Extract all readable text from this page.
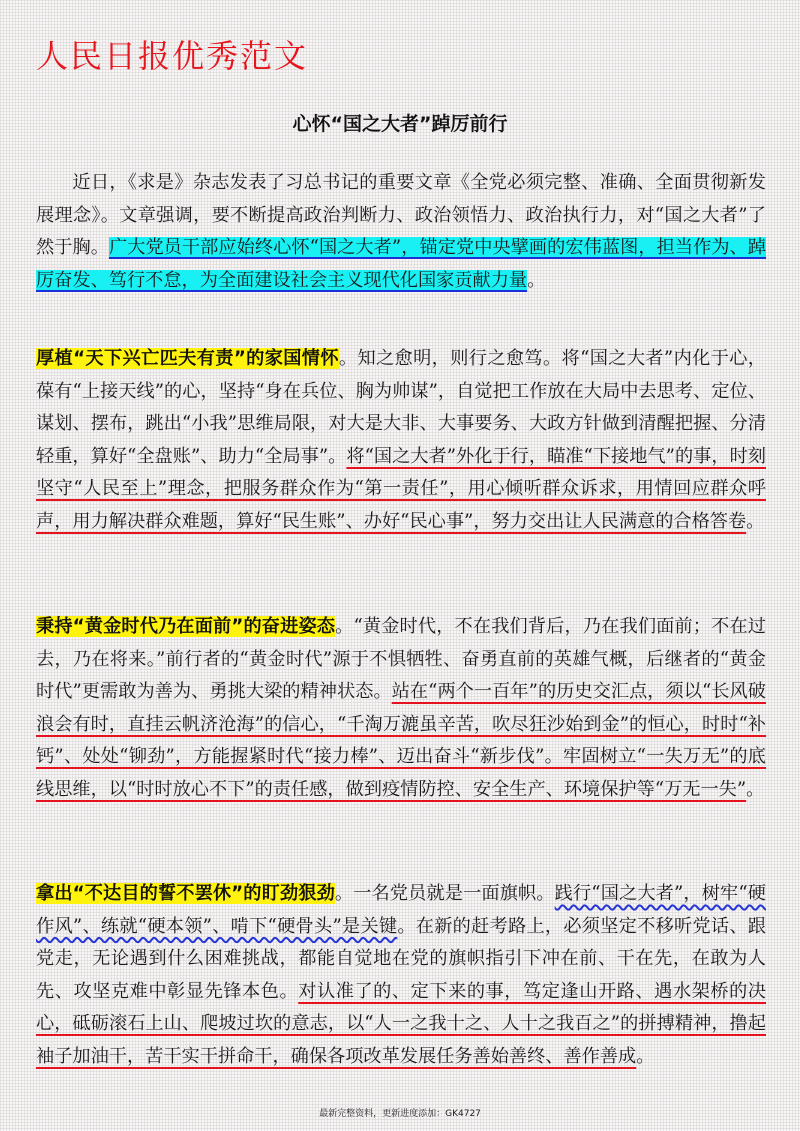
人民日报优秀范文
心怀“国之大者”踔厉前行

近日，《求是》杂志发表了习总书记的重要文章《全党必须完整、准确、全面贯彻新发展理念》。文章强调，要不断提高政治判断力、政治领悟力、政治执行力，对“国之大者”了然于胸。广大党员干部应始终心怀“国之大者”，锚定党中央擘画的宏伟蓝图，担当作为、踔厉奋发、笃行不怠，为全面建设社会主义现代化国家贡献力量。

厚植“天下兴亡匹夫有责”的家国情怀。知之愈明，则行之愈笃。将“国之大者”内化于心，葆有“上接天线”的心，坚持“身在兵位、胸为帅谋”，自觉把工作放在大局中去思考、定位、谋划、摆布，跳出“小我”思维局限，对大是大非、大事要务、大政方针做到清醒把握、分清轻重，算好“全盘账”、助力“全局事”。将“国之大者”外化于行，瞄准“下接地气”的事，时刻坚守“人民至上”理念，把服务群众作为“第一责任”，用心倾听群众诉求，用情回应群众呼声，用力解决群众难题，算好“民生账”、办好“民心事”，努力交出让人民满意的合格答卷。

秉持“黄金时代乃在面前”的奋进姿态。“黄金时代，不在我们背后，乃在我们面前；不在过去，乃在将来。”前行者的“黄金时代”源于不惧牺牲、奋勇直前的英雄气概，后继者的“黄金时代”更需敢为善为、勇挑大梁的精神状态。站在“两个一百年”的历史交汇点，须以“长风破浪会有时，直挂云帆济沧海”的信心，“千淘万漉虽辛苦，吹尽狂沙始到金”的恒心，时时“补钙”、处处“铆劲”，方能握紧时代“接力棒”、迈出奋斗“新步伐”。牢固树立“一失万无”的底线思维，以“时时放心不下”的责任感，做到疫情防控、安全生产、环境保护等“万无一失”。

拿出“不达目的誓不罢休”的盯劲狠劲。一名党员就是一面旗帜。践行“国之大者”，树牢“硬作风”、练就“硬本领”、啃下“硬骨头”是关键。在新的赶考路上，必须坚定不移听党话、跟党走，无论遇到什么困难挑战，都能自觉地在党的旗帜指引下冲在前、干在先，在敢为人先、攻坚克难中彰显先锋本色。对认准了的、定下来的事，笃定逢山开路、遇水架桥的决心，砥砺滚石上山、爬坡过坎的意志，以“人一之我十之、人十之我百之”的拼搏精神，撸起袖子加油干，苦干实干拼命干，确保各项改革发展任务善始善终、善作善成。

最新完整资料，更新进度添加：GK4727
